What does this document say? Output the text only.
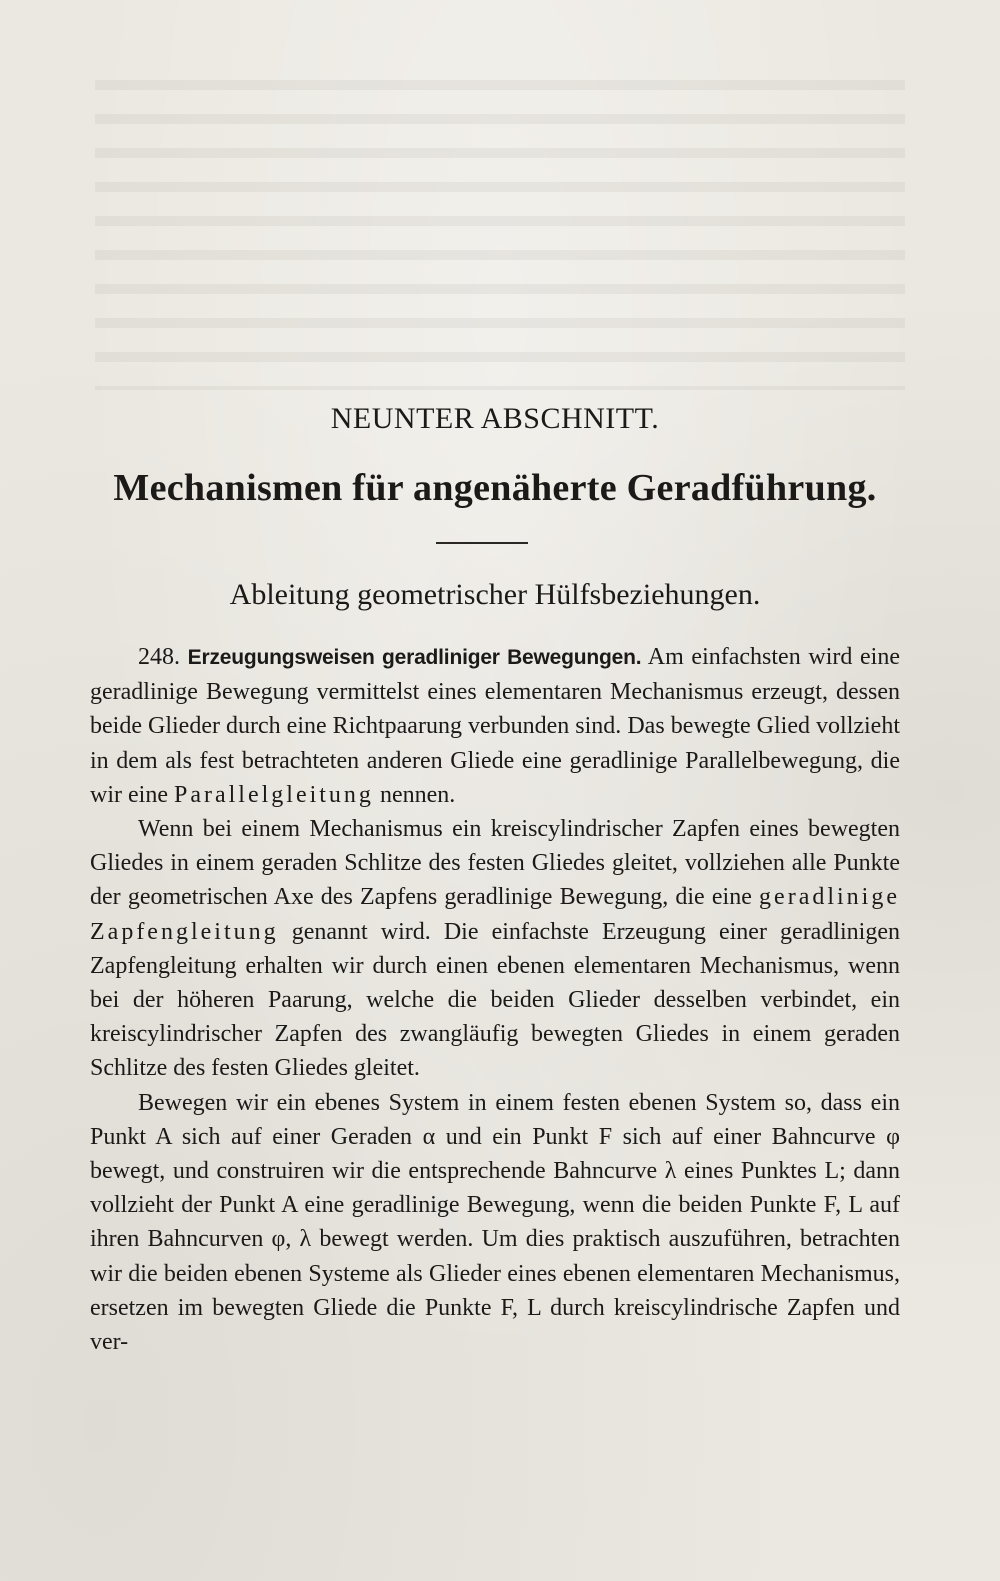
NEUNTER ABSCHNITT.
Mechanismen für angenäherte Geradführung.
Ableitung geometrischer Hülfsbeziehungen.

248. Erzeugungsweisen geradliniger Bewegungen. Am einfachsten wird eine geradlinige Bewegung vermittelst eines elementaren Mechanismus erzeugt, dessen beide Glieder durch eine Richtpaarung verbunden sind. Das bewegte Glied vollzieht in dem als fest betrachteten anderen Gliede eine geradlinige Parallelbewegung, die wir eine Parallelgleitung nennen.

Wenn bei einem Mechanismus ein kreiscylindrischer Zapfen eines bewegten Gliedes in einem geraden Schlitze des festen Gliedes gleitet, vollziehen alle Punkte der geometrischen Axe des Zapfens geradlinige Bewegung, die eine geradlinige Zapfengleitung genannt wird. Die einfachste Erzeugung einer geradlinigen Zapfengleitung erhalten wir durch einen ebenen elementaren Mechanismus, wenn bei der höheren Paarung, welche die beiden Glieder desselben verbindet, ein kreiscylindrischer Zapfen des zwangläufig bewegten Gliedes in einem geraden Schlitze des festen Gliedes gleitet.

Bewegen wir ein ebenes System in einem festen ebenen System so, dass ein Punkt A sich auf einer Geraden α und ein Punkt F sich auf einer Bahncurve φ bewegt, und construiren wir die entsprechende Bahncurve λ eines Punktes L; dann vollzieht der Punkt A eine geradlinige Bewegung, wenn die beiden Punkte F, L auf ihren Bahncurven φ, λ bewegt werden. Um dies praktisch auszuführen, betrachten wir die beiden ebenen Systeme als Glieder eines ebenen elementaren Mechanismus, ersetzen im bewegten Gliede die Punkte F, L durch kreiscylindrische Zapfen und ver-
